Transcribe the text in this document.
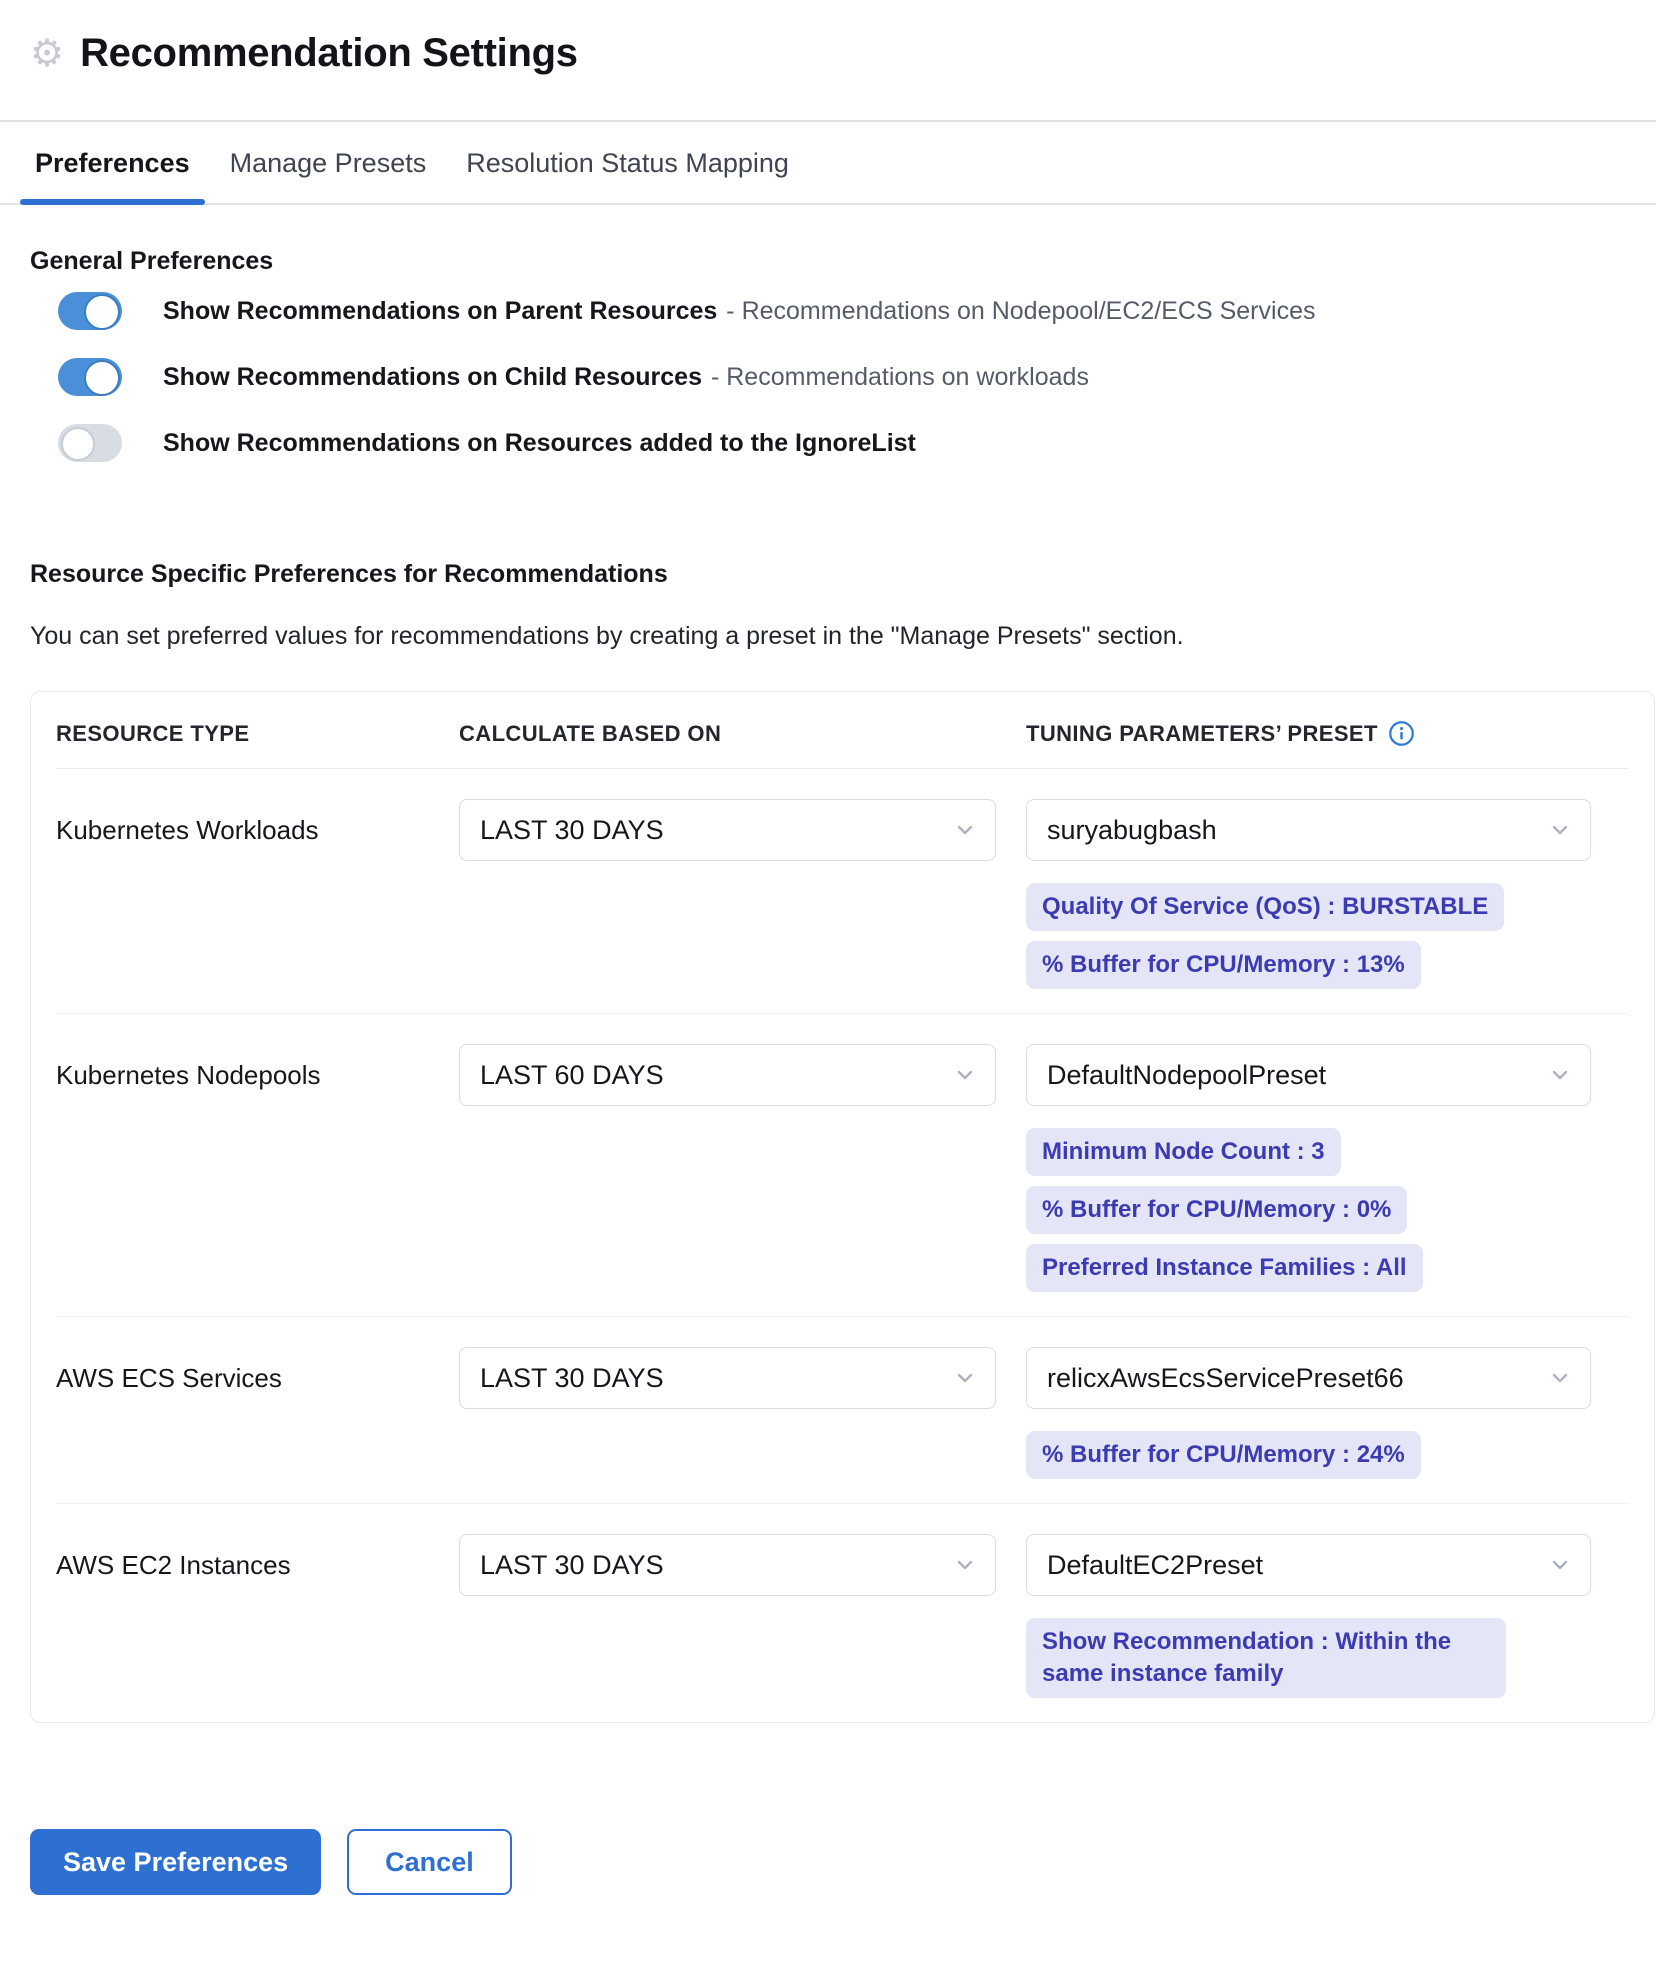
⚙ Recommendation Settings
Preferences	Manage Presets	Resolution Status Mapping
General Preferences
Show Recommendations on Parent Resources - Recommendations on Nodepool/EC2/ECS Services
Show Recommendations on Child Resources - Recommendations on workloads
Show Recommendations on Resources added to the IgnoreList
Resource Specific Preferences for Recommendations

You can set preferred values for recommendations by creating a preset in the "Manage Presets" section.

RESOURCE TYPE	CALCULATE BASED ON	TUNING PARAMETERS’ PRESET
Kubernetes Workloads	LAST 30 DAYS	suryabugbash
Quality Of Service (QoS) : BURSTABLE
% Buffer for CPU/Memory : 13%
Kubernetes Nodepools	LAST 60 DAYS	DefaultNodepoolPreset
Minimum Node Count : 3
% Buffer for CPU/Memory : 0%
Preferred Instance Families : All
AWS ECS Services	LAST 30 DAYS	relicxAwsEcsServicePreset66
% Buffer for CPU/Memory : 24%
AWS EC2 Instances	LAST 30 DAYS	DefaultEC2Preset
Show Recommendation : Within the same instance family
Save Preferences	Cancel
